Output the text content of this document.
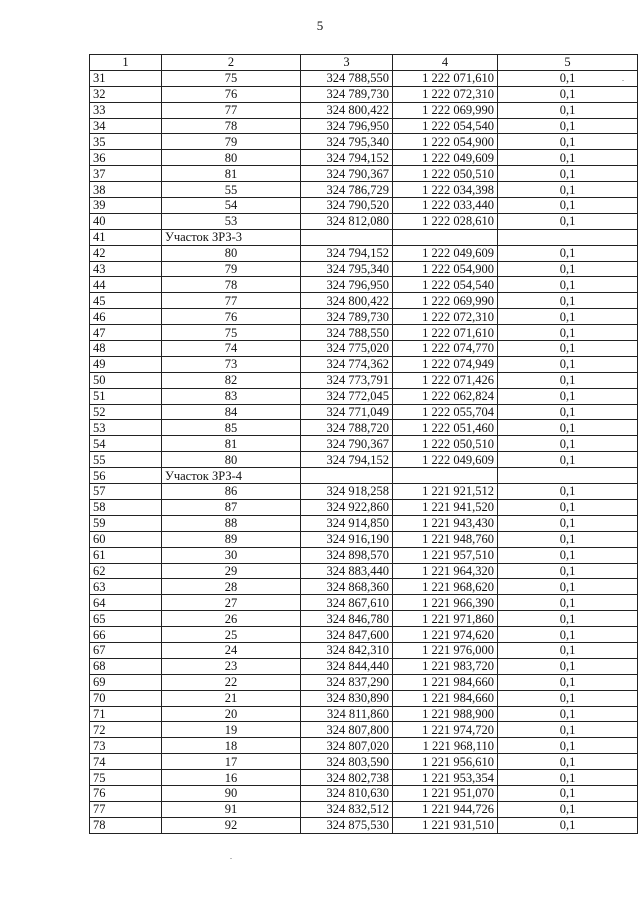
5
1	2	3	4	5
31	75	324 788,550	1 222 071,610	0,1
32	76	324 789,730	1 222 072,310	0,1
33	77	324 800,422	1 222 069,990	0,1
34	78	324 796,950	1 222 054,540	0,1
35	79	324 795,340	1 222 054,900	0,1
36	80	324 794,152	1 222 049,609	0,1
37	81	324 790,367	1 222 050,510	0,1
38	55	324 786,729	1 222 034,398	0,1
39	54	324 790,520	1 222 033,440	0,1
40	53	324 812,080	1 222 028,610	0,1
41	Участок ЗРЗ-3			
42	80	324 794,152	1 222 049,609	0,1
43	79	324 795,340	1 222 054,900	0,1
44	78	324 796,950	1 222 054,540	0,1
45	77	324 800,422	1 222 069,990	0,1
46	76	324 789,730	1 222 072,310	0,1
47	75	324 788,550	1 222 071,610	0,1
48	74	324 775,020	1 222 074,770	0,1
49	73	324 774,362	1 222 074,949	0,1
50	82	324 773,791	1 222 071,426	0,1
51	83	324 772,045	1 222 062,824	0,1
52	84	324 771,049	1 222 055,704	0,1
53	85	324 788,720	1 222 051,460	0,1
54	81	324 790,367	1 222 050,510	0,1
55	80	324 794,152	1 222 049,609	0,1
56	Участок ЗРЗ-4			
57	86	324 918,258	1 221 921,512	0,1
58	87	324 922,860	1 221 941,520	0,1
59	88	324 914,850	1 221 943,430	0,1
60	89	324 916,190	1 221 948,760	0,1
61	30	324 898,570	1 221 957,510	0,1
62	29	324 883,440	1 221 964,320	0,1
63	28	324 868,360	1 221 968,620	0,1
64	27	324 867,610	1 221 966,390	0,1
65	26	324 846,780	1 221 971,860	0,1
66	25	324 847,600	1 221 974,620	0,1
67	24	324 842,310	1 221 976,000	0,1
68	23	324 844,440	1 221 983,720	0,1
69	22	324 837,290	1 221 984,660	0,1
70	21	324 830,890	1 221 984,660	0,1
71	20	324 811,860	1 221 988,900	0,1
72	19	324 807,800	1 221 974,720	0,1
73	18	324 807,020	1 221 968,110	0,1
74	17	324 803,590	1 221 956,610	0,1
75	16	324 802,738	1 221 953,354	0,1
76	90	324 810,630	1 221 951,070	0,1
77	91	324 832,512	1 221 944,726	0,1
78	92	324 875,530	1 221 931,510	0,1
